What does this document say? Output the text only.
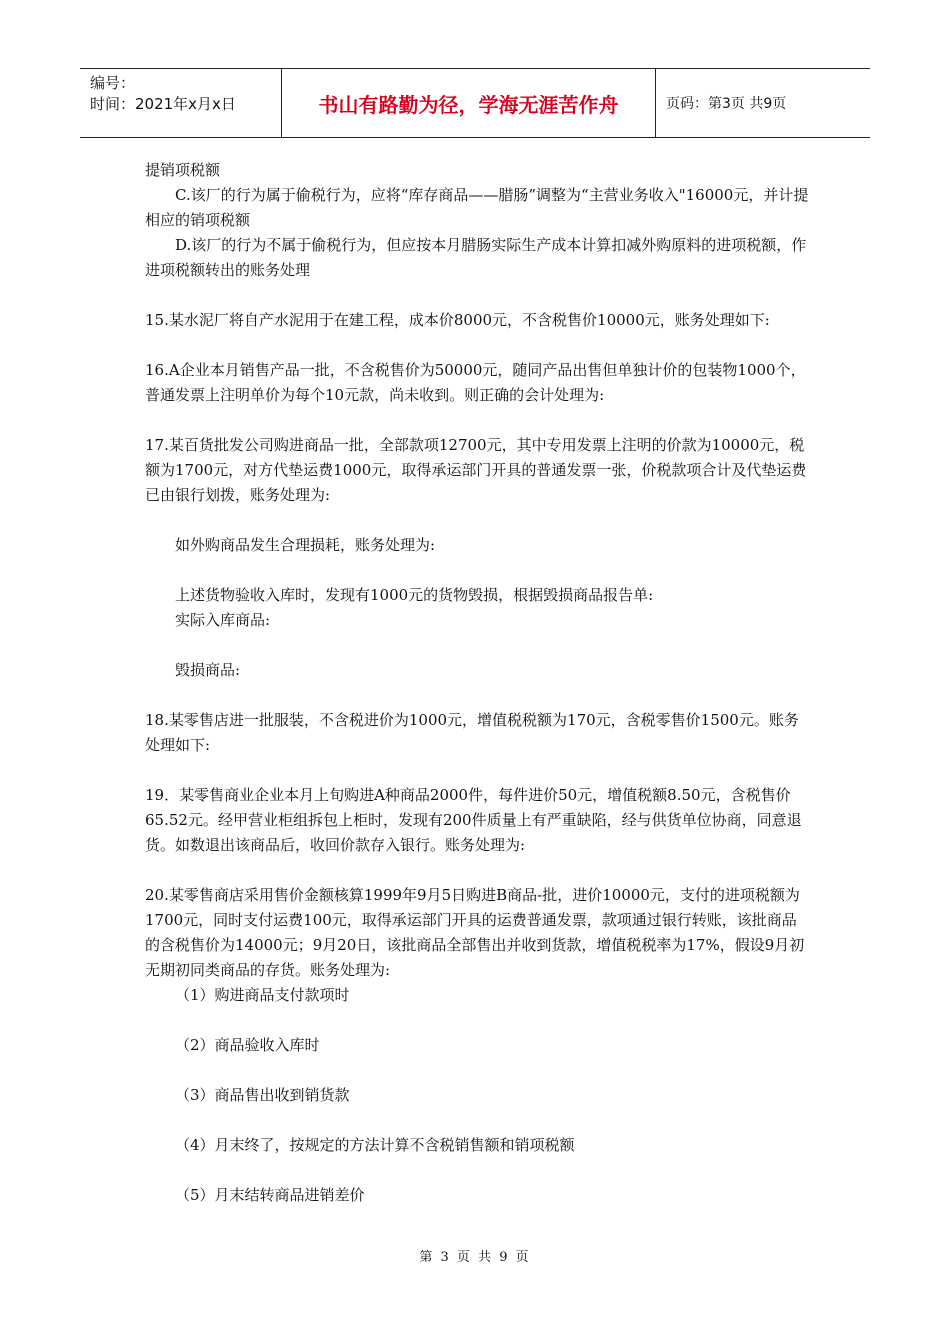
编号：
时间：2021年x月x日	书山有路勤为径，学海无涯苦作舟	页码：第3页 共9页

提销项税额

C.该厂的行为属于偷税行为，应将“库存商品——腊肠”调整为“主营业务收入"16000元，并计提相应的销项税额

D.该厂的行为不属于偷税行为，但应按本月腊肠实际生产成本计算扣减外购原料的进项税额，作进项税额转出的账务处理

15.某水泥厂将自产水泥用于在建工程，成本价8000元，不含税售价10000元，账务处理如下:

16.A企业本月销售产品一批，不含税售价为50000元，随同产品出售但单独计价的包装物1000个，普通发票上注明单价为每个10元款，尚未收到。则正确的会计处理为:

17.某百货批发公司购进商品一批，全部款项12700元，其中专用发票上注明的价款为10000元，税额为1700元，对方代垫运费1000元，取得承运部门开具的普通发票一张，价税款项合计及代垫运费已由银行划拨，账务处理为:

如外购商品发生合理损耗，账务处理为:

上述货物验收入库时，发现有1000元的货物毁损，根据毁损商品报告单:

实际入库商品:

毁损商品:

18.某零售店进一批服装，不含税进价为1000元，增值税税额为170元，含税零售价1500元。账务处理如下:

19．某零售商业企业本月上旬购进A种商品2000件，每件进价50元，增值税额8.50元，含税售价65.52元。经甲营业柜组拆包上柜时，发现有200件质量上有严重缺陷，经与供货单位协商，同意退货。如数退出该商品后，收回价款存入银行。账务处理为:

20.某零售商店采用售价金额核算1999年9月5日购进B商品-批，进价10000元，支付的进项税额为1700元，同时支付运费100元，取得承运部门开具的运费普通发票，款项通过银行转账，该批商品的含税售价为14000元；9月20日，该批商品全部售出并收到货款，增值税税率为17%，假设9月初无期初同类商品的存货。账务处理为:

（1）购进商品支付款项时

（2）商品验收入库时

（3）商品售出收到销货款

（4）月末终了，按规定的方法计算不含税销售额和销项税额

（5）月末结转商品进销差价

第 3 页 共 9 页
